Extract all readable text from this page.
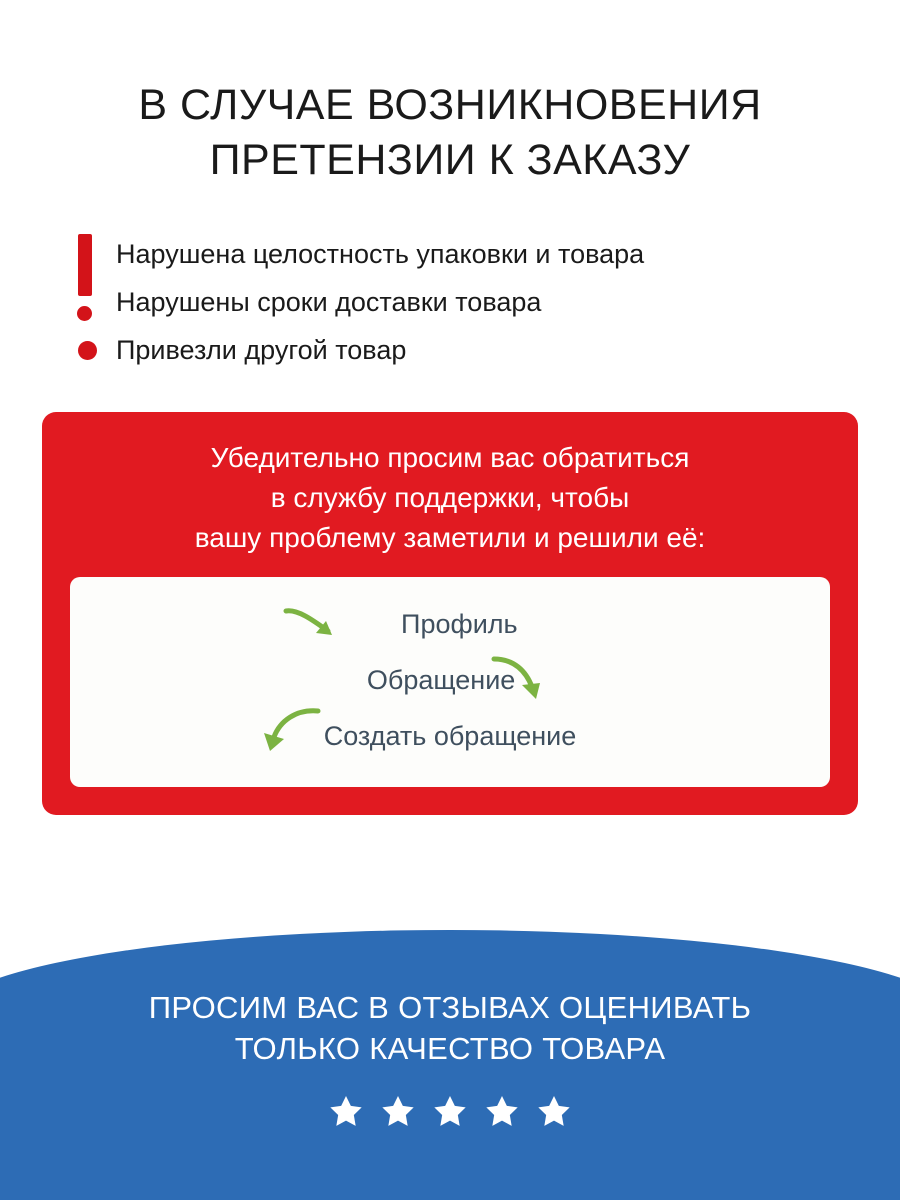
В СЛУЧАЕ ВОЗНИКНОВЕНИЯ
ПРЕТЕНЗИИ К ЗАКАЗУ
Нарушена целостность упаковки и товара
Нарушены сроки доставки товара
Привезли другой товар
Убедительно просим вас обратиться
в службу поддержки, чтобы
вашу проблему заметили и решили её:
Профиль
Обращение
Создать обращение
ПРОСИМ ВАС В ОТЗЫВАХ ОЦЕНИВАТЬ
ТОЛЬКО КАЧЕСТВО ТОВАРА
